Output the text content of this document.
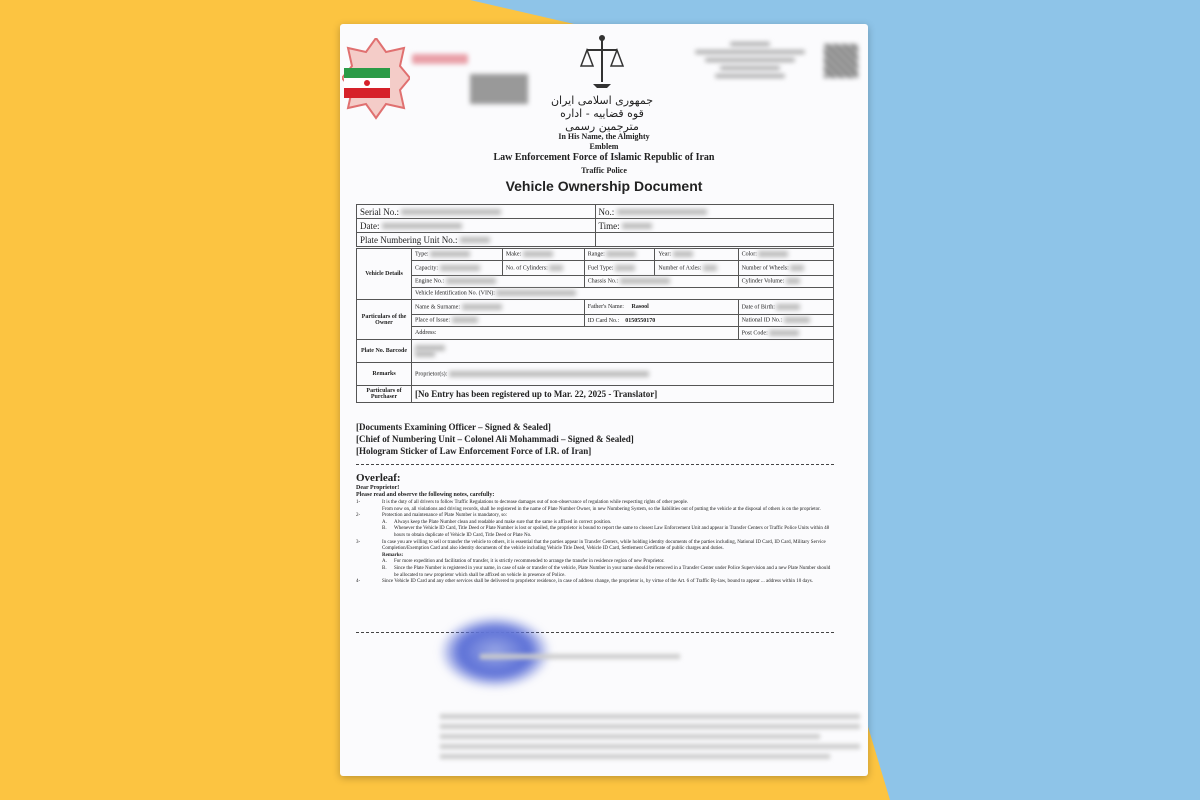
جمهوری اسلامی ایران قوه قضاییه - اداره مترجمین رسمی
In His Name, the Almighty
Emblem
Law Enforcement Force of Islamic Republic of Iran
Traffic Police
Vehicle Ownership Document
Serial No.:	No.:
Date:	Time:
Plate Numbering Unit No.:	
Vehicle Details	Type:	Make:	Range:	Year:	Color:
	Capacity:	No. of Cylinders:	Fuel Type:	Number of Axles:	Number of Wheels:
	Engine No.:		Chassis No.:		Cylinder Volume:
	Vehicle Identification No. (VIN):				
Particulars of the Owner	Name & Surname:		Father's Name: Rasool		Date of Birth:
	Place of Issue:		ID Card No.: 0150550170		National ID No.:
	Address:				Post Code:
Plate No. Barcode					

Remarks	Proprietor(s):				
Particulars of Purchaser	[No Entry has been registered up to Mar. 22, 2025 - Translator]				
[Documents Examining Officer – Signed & Sealed]
[Chief of Numbering Unit – Colonel Ali Mohammadi – Signed & Sealed]
[Hologram Sticker of Law Enforcement Force of I.R. of Iran]
Overleaf:
Dear Proprietor!
Please read and observe the following notes, carefully:
1-	It is the duty of all drivers to follow Traffic Regulations to decrease damages out of non-observance of regulation while respecting rights of other people.
From now on, all violations and driving records, shall be registered in the name of Plate Number Owner, in new Numbering System, so the liabilities out of putting the vehicle at the disposal of others is on the proprietor.
2-	Protection and maintenance of Plate Number is mandatory, so:
A.	Always keep the Plate Number clean and readable and make sure that the same is affixed in correct position.
B.	Whenever the Vehicle ID Card, Title Deed or Plate Number is lost or spoiled, the proprietor is bound to report the same to closest Law Enforcement Unit and appear in Transfer Centers or Traffic Police Units within 48 hours to obtain duplicate of Vehicle ID Card, Title Deed or Plate No.
3-	In case you are willing to sell or transfer the vehicle to others, it is essential that the parties appear in Transfer Centers, while holding identity documents of the parties including, National ID Card, ID Card, Military Service Completion/Exemption Card and also identity documents of the vehicle including Vehicle Title Deed, Vehicle ID Card, Settlement Certificate of public charges and duties.
Remarks:
A.	For more expedition and facilitation of transfer, it is strictly recommended to arrange the transfer in residence region of new Proprietor.
B.	Since the Plate Number is registered in your name, in case of sale or transfer of the vehicle, Plate Number in your name should be removed in a Transfer Center under Police Supervision and a new Plate Number should be allocated to new proprietor which shall be affixed on vehicle in presence of Police.
4-	Since Vehicle ID Card and any other services shall be delivered to proprietor residence, in case of address change, the proprietor is, by virtue of the Art. 6 of Traffic By-law, bound to appear ... address within 10 days.
